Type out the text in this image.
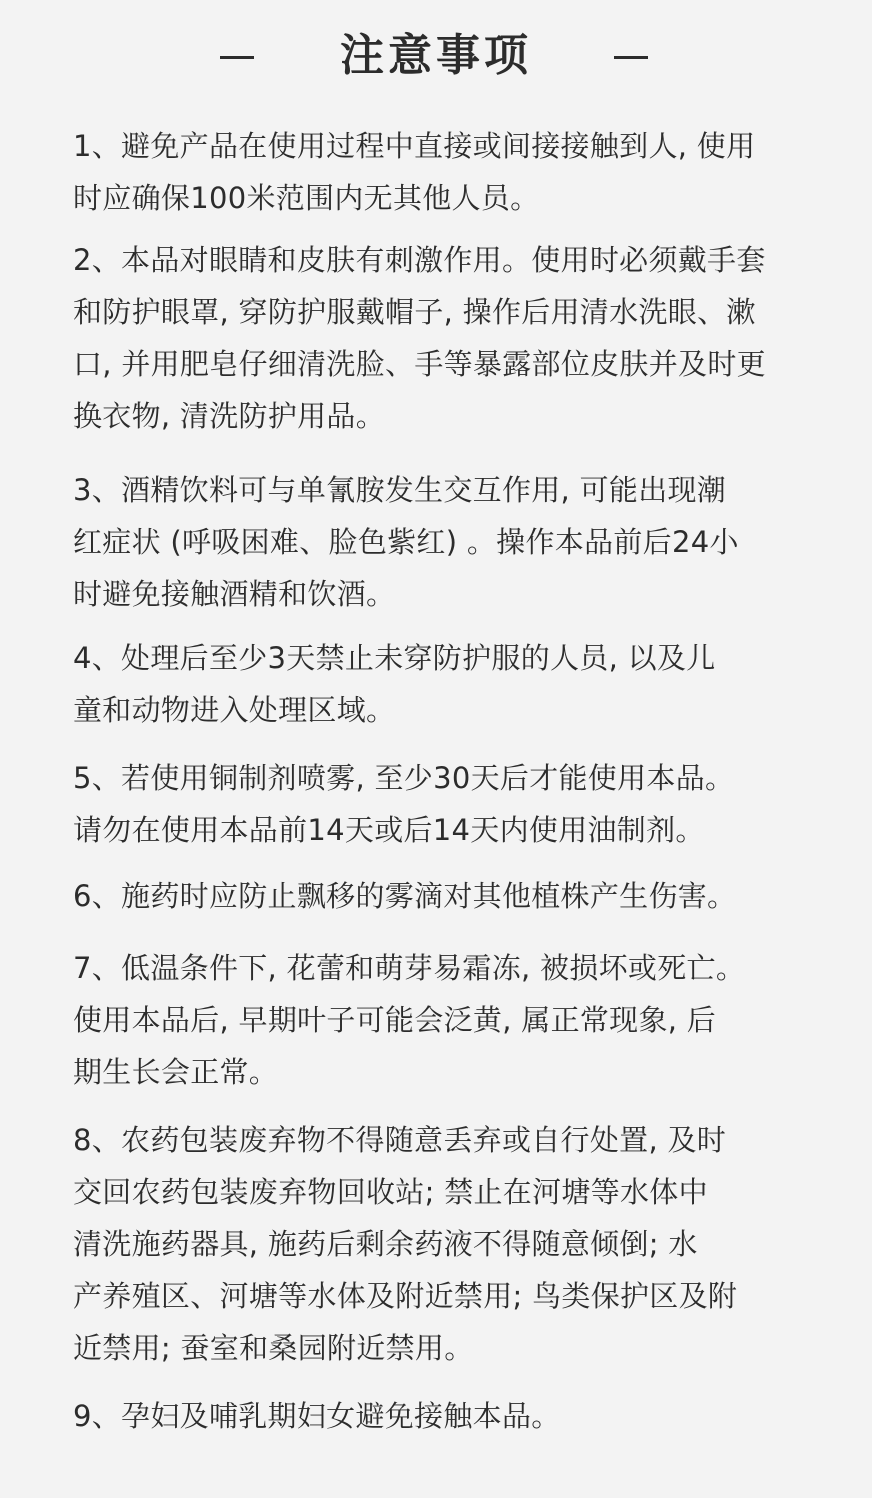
注意事项
1、避免产品在使用过程中直接或间接接触到人, 使用
时应确保100米范围内无其他人员。
2、本品对眼睛和皮肤有刺激作用。使用时必须戴手套
和防护眼罩, 穿防护服戴帽子, 操作后用清水洗眼、漱
口, 并用肥皂仔细清洗脸、手等暴露部位皮肤并及时更
换衣物, 清洗防护用品。
3、酒精饮料可与单氰胺发生交互作用, 可能出现潮
红症状 (呼吸困难、脸色紫红) 。操作本品前后24小
时避免接触酒精和饮酒。
4、处理后至少3天禁止未穿防护服的人员, 以及儿
童和动物进入处理区域。
5、若使用铜制剂喷雾, 至少30天后才能使用本品。
请勿在使用本品前14天或后14天内使用油制剂。
6、施药时应防止飘移的雾滴对其他植株产生伤害。
7、低温条件下, 花蕾和萌芽易霜冻, 被损坏或死亡。
使用本品后, 早期叶子可能会泛黄, 属正常现象, 后
期生长会正常。
8、农药包装废弃物不得随意丢弃或自行处置, 及时
交回农药包装废弃物回收站; 禁止在河塘等水体中
清洗施药器具, 施药后剩余药液不得随意倾倒; 水
产养殖区、河塘等水体及附近禁用; 鸟类保护区及附
近禁用; 蚕室和桑园附近禁用。
9、孕妇及哺乳期妇女避免接触本品。
